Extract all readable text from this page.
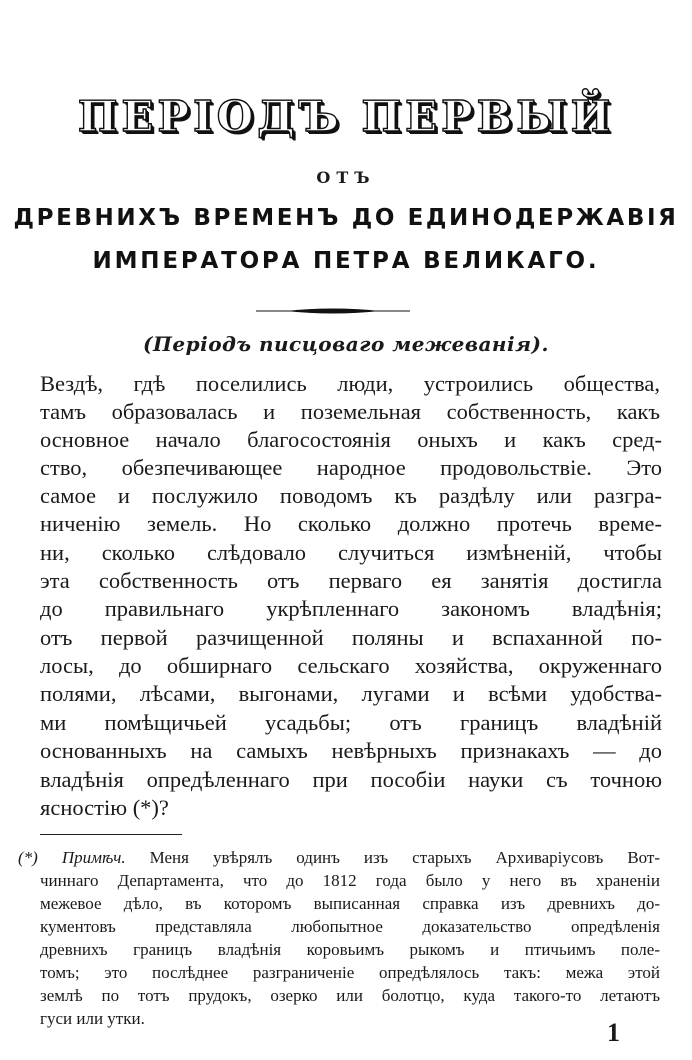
ПЕРІОДЪ ПЕРВЫЙ
ОТЪ
ДРЕВНИХЪ ВРЕМЕНЪ ДО ЕДИНОДЕРЖАВІЯ
ИМПЕРАТОРА ПЕТРА ВЕЛИКАГО.
(Періодъ писцоваго межеванія).
Вездѣ, гдѣ поселились люди, устроились общества,
тамъ образовалась и поземельная собственность, какъ
основное начало благосостоянія оныхъ и какъ сред-
ство, обезпечивающее народное продовольствіе. Это
самое и послужило поводомъ къ раздѣлу или разгра-
ниченію земель. Но сколько должно протечь време-
ни, сколько слѣдовало случиться измѣненій, чтобы
эта собственность отъ перваго ея занятія достигла
до правильнаго укрѣпленнаго закономъ владѣнія;
отъ первой разчищенной поляны и вспаханной по-
лосы, до обширнаго сельскаго хозяйства, окруженнаго
полями, лѣсами, выгонами, лугами и всѣми удобства-
ми помѣщичьей усадьбы; отъ границъ владѣній
основанныхъ на самыхъ невѣрныхъ признакахъ — до
владѣнія опредѣленнаго при пособіи науки съ точною
ясностію (*)?
(*) Примѣч. Меня увѣрялъ одинъ изъ старыхъ Архиваріусовъ Вот-
чиннаго Департамента, что до 1812 года было у него въ храненіи
межевое дѣло, въ которомъ выписанная справка изъ древнихъ до-
кументовъ представляла любопытное доказательство опредѣленія
древнихъ границъ владѣнія коровьимъ рыкомъ и птичьимъ поле-
томъ; это послѣднее разграниченіе опредѣлялось такъ: межа этой
землѣ по тотъ прудокъ, озерко или болотцо, куда такого-то летаютъ
гуси или утки.	1
